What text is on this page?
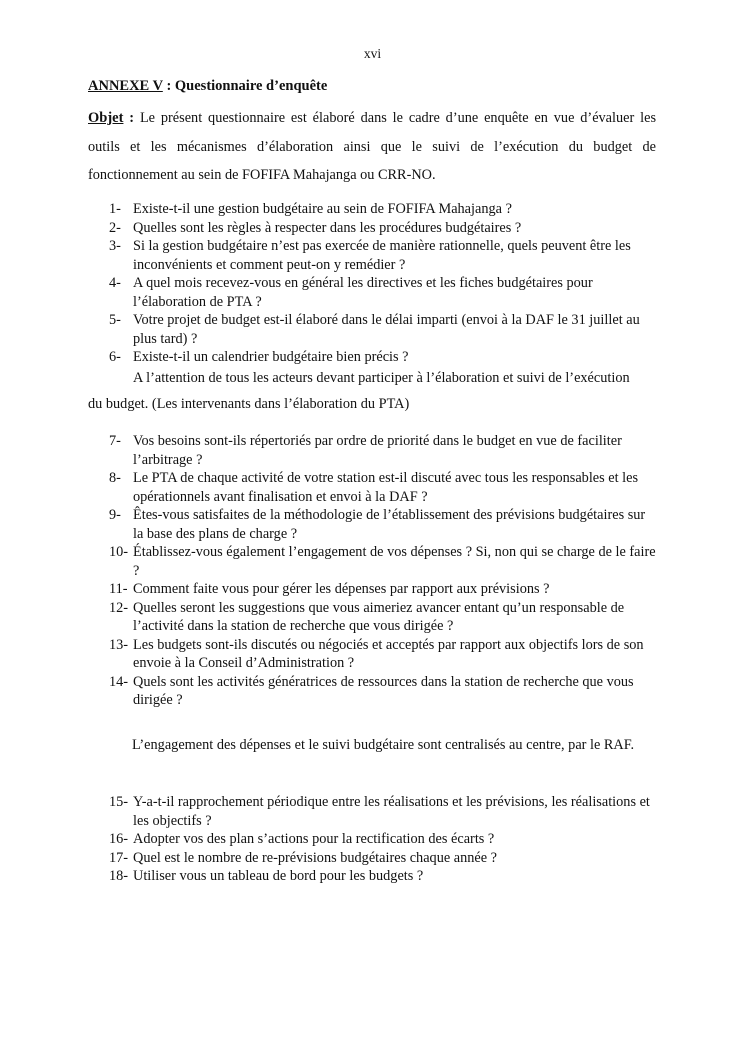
xvi
ANNEXE V : Questionnaire d’enquête
Objet : Le présent questionnaire est élaboré dans le cadre d’une enquête en vue d’évaluer les outils et les mécanismes d’élaboration ainsi que le suivi de l’exécution du budget de fonctionnement au sein de FOFIFA Mahajanga ou CRR-NO.
1- Existe-t-il une gestion budgétaire au sein de FOFIFA Mahajanga ?
2- Quelles sont les règles à respecter dans les procédures budgétaires ?
3- Si la gestion budgétaire n’est pas exercée de manière rationnelle, quels peuvent être les inconvénients et comment peut-on y remédier ?
4- A quel mois recevez-vous en général les directives et les fiches budgétaires pour l’élaboration de PTA ?
5- Votre projet de budget est-il élaboré dans le délai imparti (envoi à la DAF le 31 juillet au plus tard) ?
6- Existe-t-il un calendrier budgétaire bien précis ?
A l’attention de tous les acteurs devant participer à l’élaboration et suivi de l’exécution
du budget. (Les intervenants dans l’élaboration du PTA)
7- Vos besoins sont-ils répertoriés par ordre de priorité dans le budget en vue de faciliter l’arbitrage ?
8- Le PTA de chaque activité de votre station est-il discuté avec tous les responsables et les opérationnels avant finalisation et envoi à la DAF ?
9- Êtes-vous satisfaites de la méthodologie de l’établissement des prévisions budgétaires sur la base des plans de charge ?
10- Établissez-vous également l’engagement de vos dépenses ? Si, non qui se charge de le faire ?
11- Comment faite vous pour gérer les dépenses par rapport aux prévisions ?
12- Quelles seront les suggestions que vous aimeriez avancer entant qu’un responsable de l’activité dans la station de recherche que vous dirigée ?
13- Les budgets sont-ils discutés ou négociés et acceptés par rapport aux objectifs lors de son envoie à la Conseil d’Administration ?
14- Quels sont les activités génératrices de ressources dans la station de recherche que vous dirigée ?
L’engagement des dépenses et le suivi budgétaire sont centralisés au centre, par le RAF.
15- Y-a-t-il rapprochement périodique entre les réalisations et les prévisions, les réalisations et les objectifs ?
16- Adopter vos des plan s’actions pour la rectification des écarts ?
17- Quel est le nombre de re-prévisions budgétaires chaque année ?
18- Utiliser vous un tableau de bord pour les budgets ?
